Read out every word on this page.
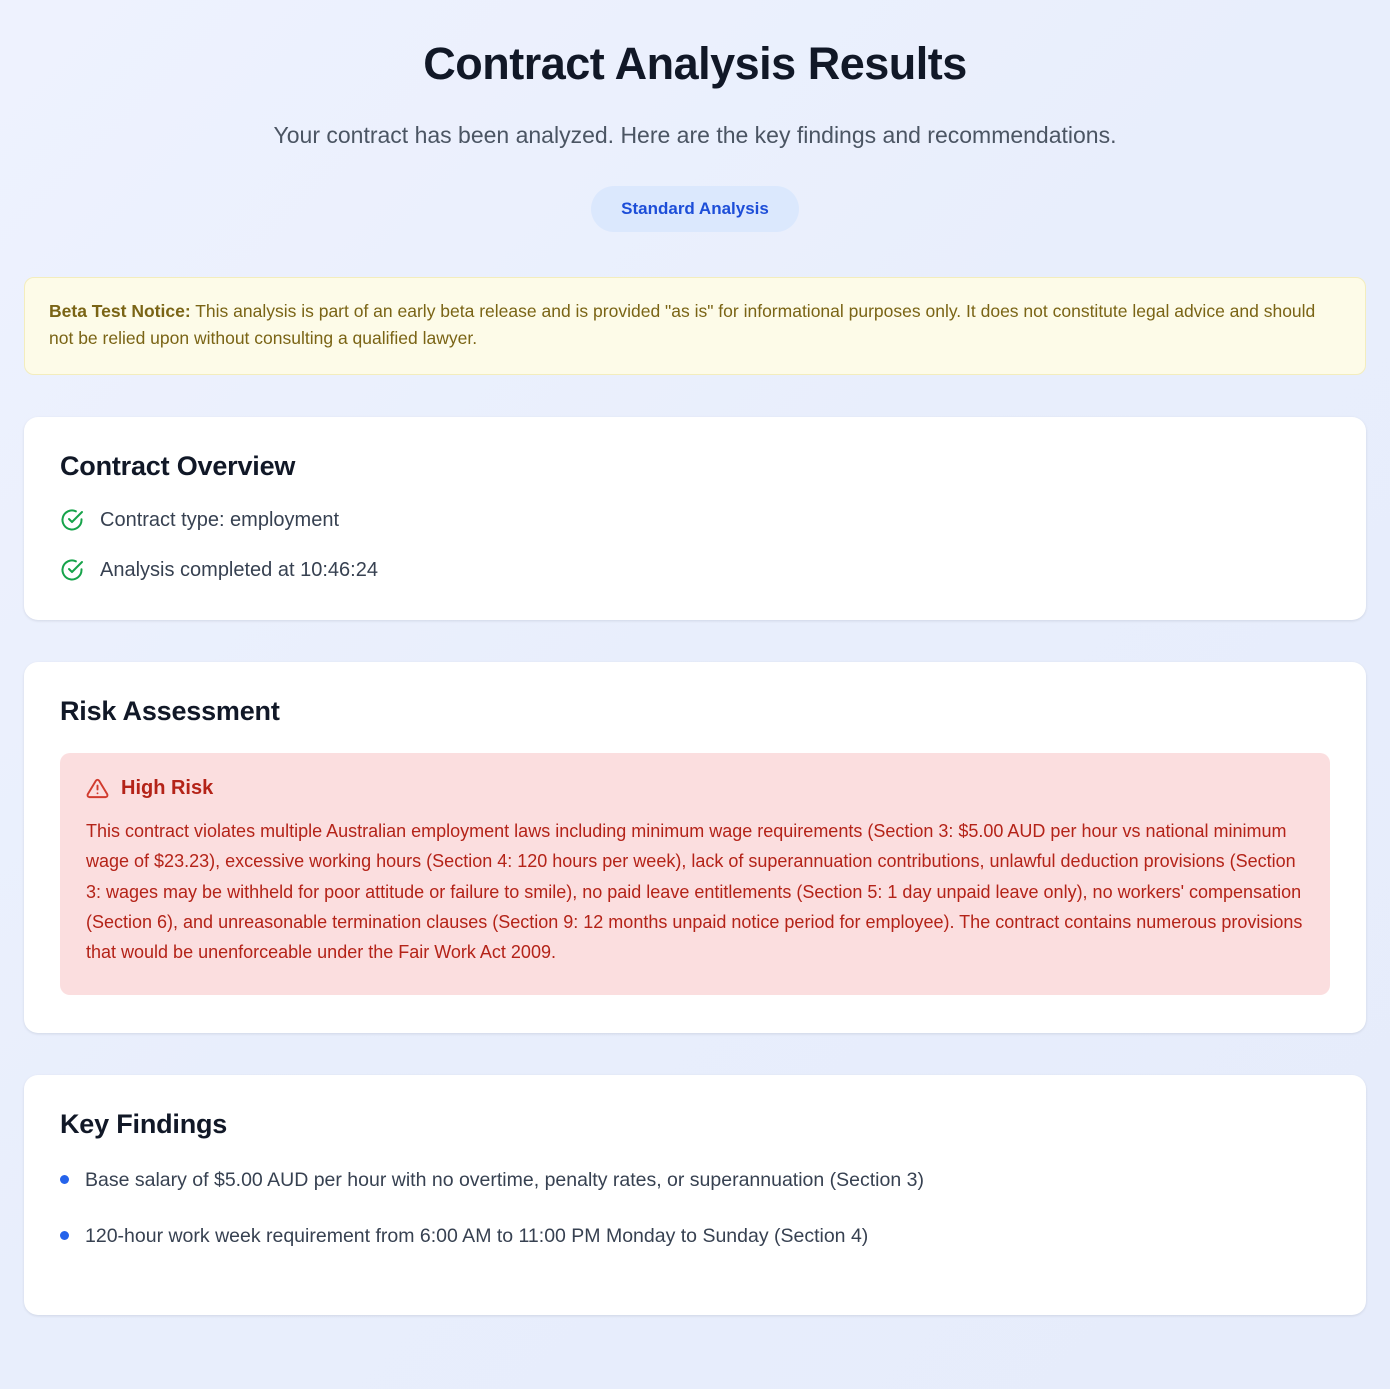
Contract Analysis Results

Your contract has been analyzed. Here are the key findings and recommendations.

Standard Analysis
Beta Test Notice: This analysis is part of an early beta release and is provided "as is" for informational purposes only. It does not constitute legal advice and should not be relied upon without consulting a qualified lawyer.
Contract Overview
Contract type: employment
Analysis completed at 10:46:24
Risk Assessment
High Risk

This contract violates multiple Australian employment laws including minimum wage requirements (Section 3: $5.00 AUD per hour vs national minimum wage of $23.23), excessive working hours (Section 4: 120 hours per week), lack of superannuation contributions, unlawful deduction provisions (Section 3: wages may be withheld for poor attitude or failure to smile), no paid leave entitlements (Section 5: 1 day unpaid leave only), no workers' compensation (Section 6), and unreasonable termination clauses (Section 9: 12 months unpaid notice period for employee). The contract contains numerous provisions that would be unenforceable under the Fair Work Act 2009.

Key Findings
Base salary of $5.00 AUD per hour with no overtime, penalty rates, or superannuation (Section 3)
120-hour work week requirement from 6:00 AM to 11:00 PM Monday to Sunday (Section 4)
